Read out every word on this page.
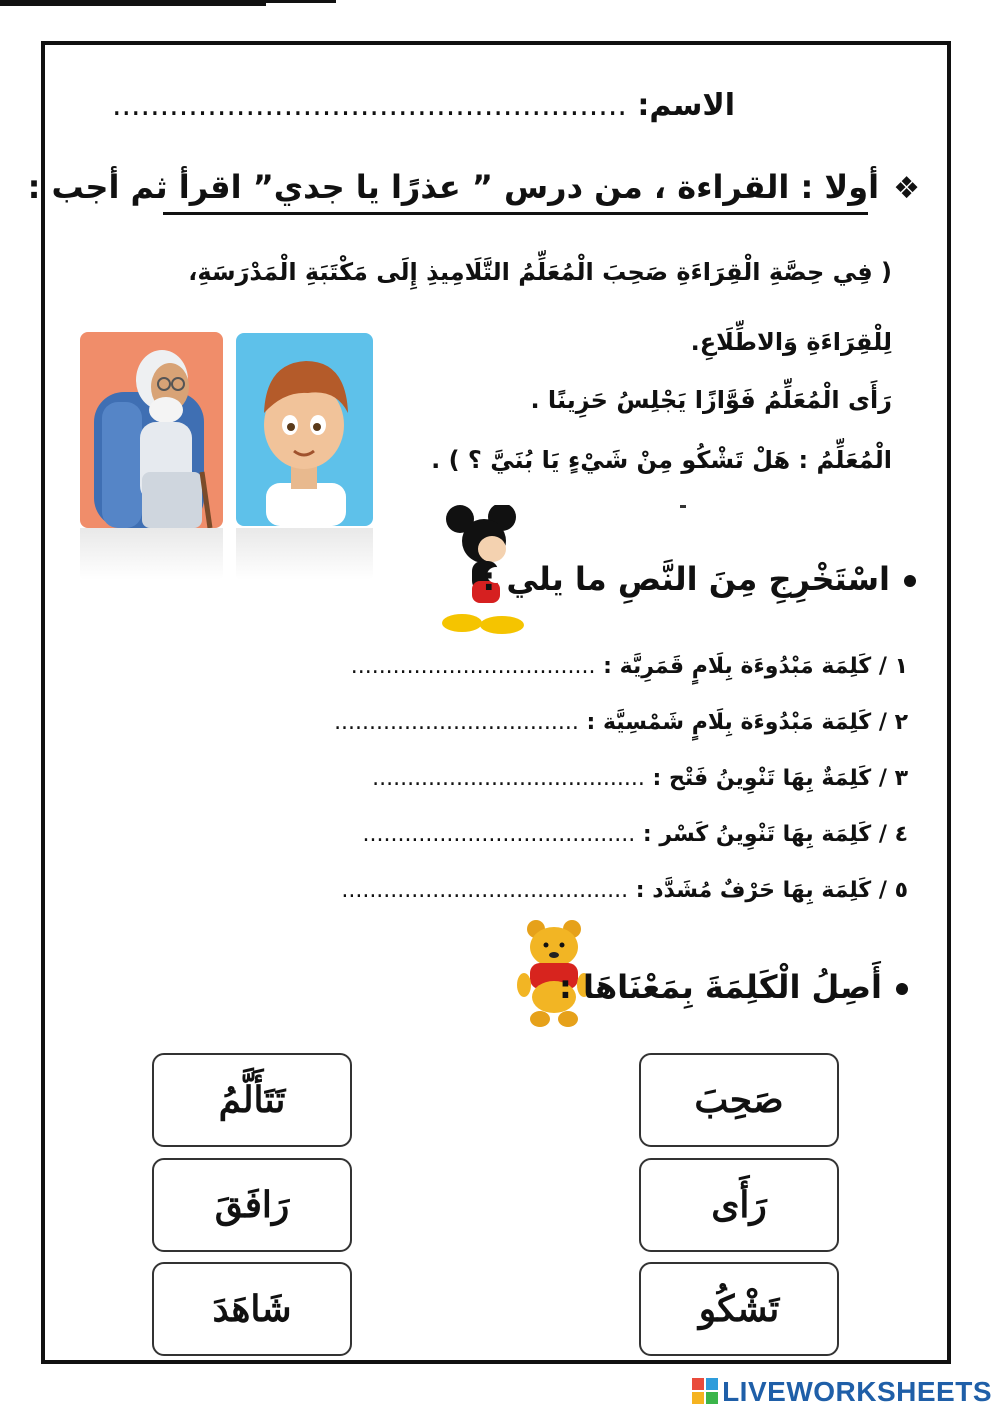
الاسم: ......................................................
❖أولا : القراءة ، من درس ” عذرًا يا جدي” اقرأ ثم أجب :
( فِي حِصَّةِ الْقِرَاءَةِ صَحِبَ الْمُعَلِّمُ التَّلَامِيذِ إِلَى مَكْتَبَةِ الْمَدْرَسَةِ،
لِلْقِرَاءَةِ وَالاطِّلَاعِ.
رَأَى الْمُعَلِّمُ فَوَّازًا يَجْلِسُ حَزِينًا .
الْمُعَلِّمُ : هَلْ تَشْكُو مِنْ شَيْءٍ يَا بُنَيَّ ؟ ) .
اسْتَخْرِجِ مِنَ النَّصِ ما يلي :
١ / كَلِمَة مَبْدُوءَة بِلَامٍ قَمَرِيَّة : ...................................
٢ / كَلِمَة مَبْدُوءَة بِلَامٍ شَمْسِيَّة : ...................................
٣ / كَلِمَةٌ بِهَا تَنْوِينُ فَتْح : .......................................
٤ / كَلِمَة بِهَا تَنْوِينُ كَسْر : .......................................
٥ / كَلِمَة بِهَا حَرْفٌ مُشَدَّد : .........................................
أَصِلُ الْكَلِمَةَ بِمَعْنَاهَا :
صَحِبَ
رَأَى
تَشْكُو
تَتَأَلَّمُ
رَافَقَ
شَاهَدَ
LIVEWORKSHEETS
